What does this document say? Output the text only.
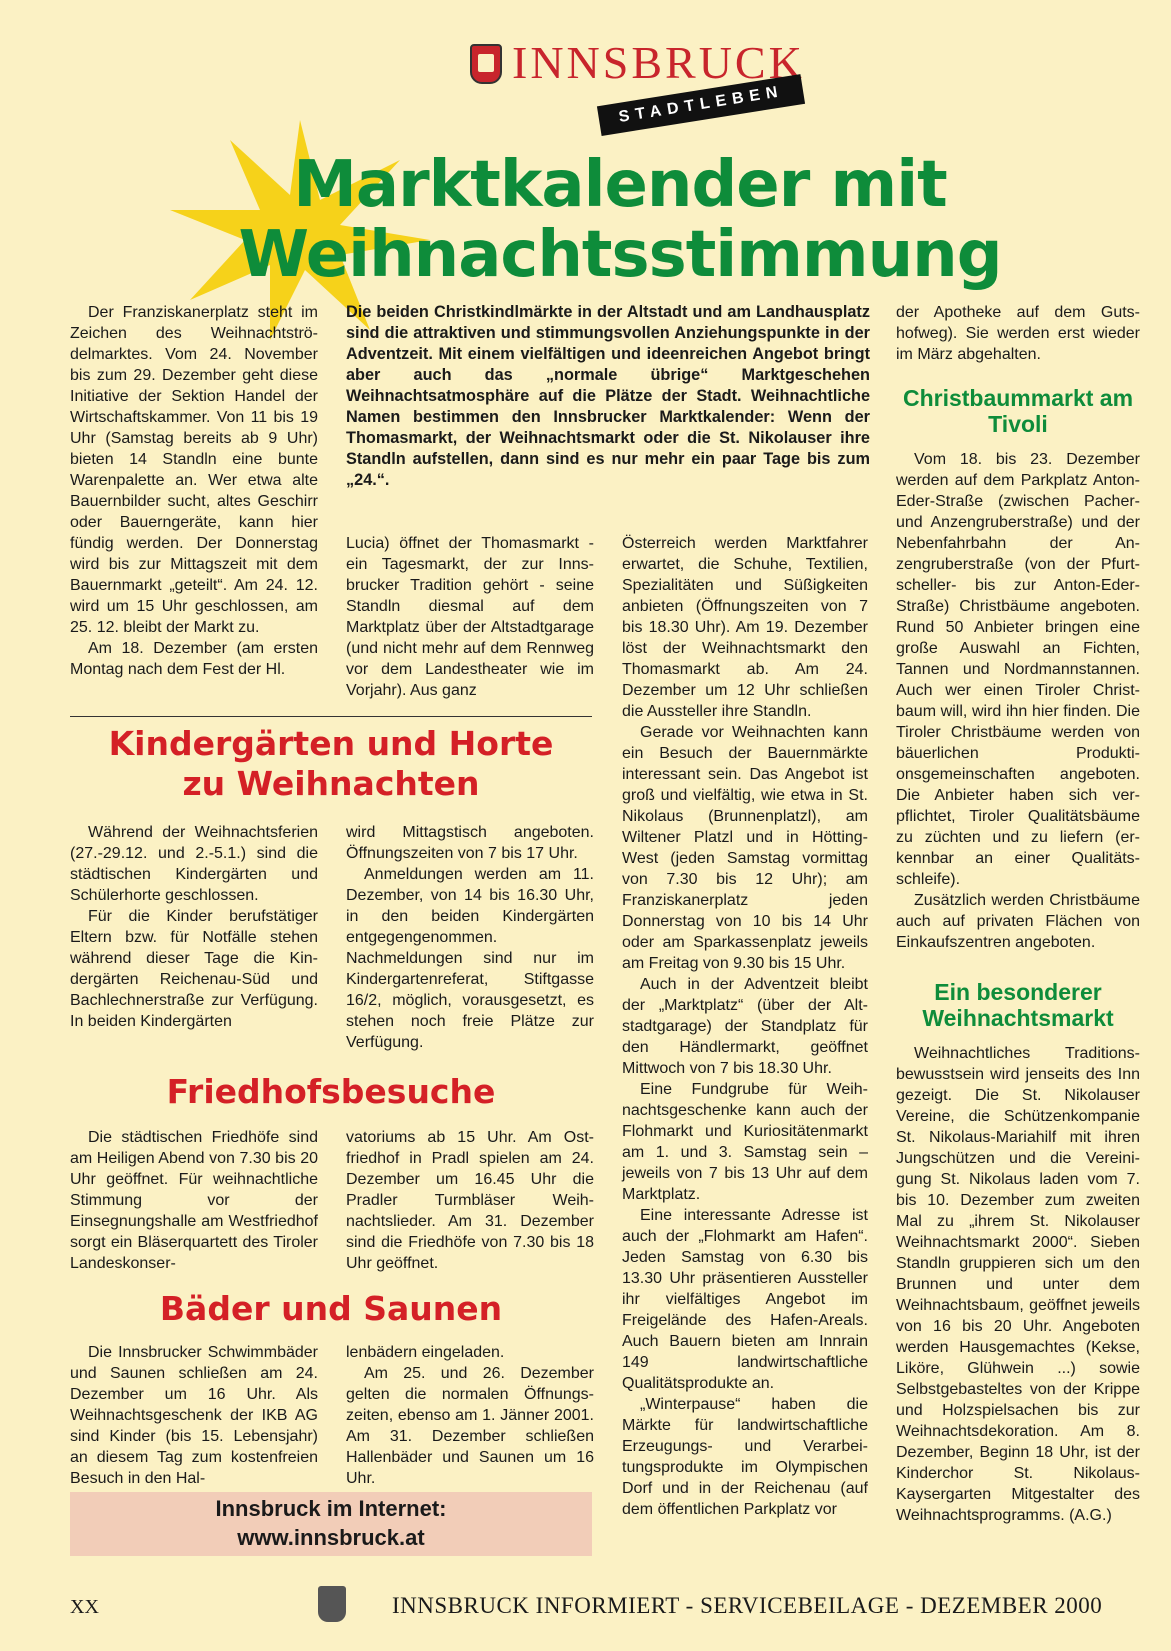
INNSBRUCK
STADTLEBEN
Marktkalender mit
Weihnachtsstimmung

Der Franziskanerplatz steht im Zeichen des Weihnachtströdelmarktes. Vom 24. November bis zum 29. Dezember geht diese Initiative der Sektion Handel der Wirtschaftskammer. Von 11 bis 19 Uhr (Samstag bereits ab 9 Uhr) bieten 14 Standln eine bunte Warenpalette an. Wer etwa alte Bauernbilder sucht, altes Geschirr oder Bauerngeräte, kann hier fündig werden. Der Donnerstag wird bis zur Mittagszeit mit dem Bauernmarkt „geteilt“. Am 24. 12. wird um 15 Uhr geschlossen, am 25. 12. bleibt der Markt zu.

Am 18. Dezember (am ersten Montag nach dem Fest der Hl.

Die beiden Christkindlmärkte in der Altstadt und am Landhausplatz sind die attraktiven und stimmungsvollen Anziehungspunkte in der Adventzeit. Mit einem vielfältigen und ideenreichen Angebot bringt aber auch das „normale übrige“ Marktgeschehen Weihnachtsatmosphäre auf die Plätze der Stadt. Weihnachtliche Namen bestimmen den Innsbrucker Marktkalender: Wenn der Thomasmarkt, der Weihnachtsmarkt oder die St. Nikolauser ihre Standln aufstellen, dann sind es nur mehr ein paar Tage bis zum „24.“.

Lucia) öffnet der Thomasmarkt - ein Tagesmarkt, der zur Innsbrucker Tradition gehört - seine Standln diesmal auf dem Marktplatz über der Altstadtgarage (und nicht mehr auf dem Rennweg vor dem Landestheater wie im Vorjahr). Aus ganz

Österreich werden Marktfahrer erwartet, die Schuhe, Textilien, Spezialitäten und Süßigkeiten anbieten (Öffnungszeiten von 7 bis 18.30 Uhr). Am 19. Dezember löst der Weihnachtsmarkt den Thomasmarkt ab. Am 24. Dezember um 12 Uhr schließen die Aussteller ihre Standln.

Gerade vor Weihnachten kann ein Besuch der Bauernmärkte interessant sein. Das Angebot ist groß und vielfältig, wie etwa in St. Nikolaus (Brunnenplatzl), am Wiltener Platzl und in Hötting-West (jeden Samstag vormittag von 7.30 bis 12 Uhr); am Franziskanerplatz jeden Donnerstag von 10 bis 14 Uhr oder am Sparkassenplatz jeweils am Freitag von 9.30 bis 15 Uhr.

Auch in der Adventzeit bleibt der „Marktplatz“ (über der Altstadtgarage) der Standplatz für den Händlermarkt, geöffnet Mittwoch von 7 bis 18.30 Uhr.

Eine Fundgrube für Weihnachtsgeschenke kann auch der Flohmarkt und Kuriositätenmarkt am 1. und 3. Samstag sein – jeweils von 7 bis 13 Uhr auf dem Marktplatz.

Eine interessante Adresse ist auch der „Flohmarkt am Hafen“. Jeden Samstag von 6.30 bis 13.30 Uhr präsentieren Aussteller ihr vielfältiges Angebot im Freigelände des Hafen-Areals. Auch Bauern bieten am Innrain 149 landwirtschaftliche Qualitätsprodukte an.

„Winterpause“ haben die Märkte für landwirtschaftliche Erzeugungs- und Verarbeitungsprodukte im Olympischen Dorf und in der Reichenau (auf dem öffentlichen Parkplatz vor

der Apotheke auf dem Gutshofweg). Sie werden erst wieder im März abgehalten.

Christbaummarkt am Tivoli

Vom 18. bis 23. Dezember werden auf dem Parkplatz Anton-Eder-Straße (zwischen Pacher- und Anzengruberstraße) und der Nebenfahrbahn der Anzengruberstraße (von der Pfurtscheller- bis zur Anton-Eder-Straße) Christbäume angeboten. Rund 50 Anbieter bringen eine große Auswahl an Fichten, Tannen und Nordmannstannen. Auch wer einen Tiroler Christbaum will, wird ihn hier finden. Die Tiroler Christbäume werden von bäuerlichen Produktionsgemeinschaften angeboten. Die Anbieter haben sich verpflichtet, Tiroler Qualitätsbäume zu züchten und zu liefern (erkennbar an einer Qualitätsschleife).

Zusätzlich werden Christbäume auch auf privaten Flächen von Einkaufszentren angeboten.

Ein besonderer Weihnachtsmarkt

Weihnachtliches Traditionsbewusstsein wird jenseits des Inn gezeigt. Die St. Nikolauser Vereine, die Schützenkompanie St. Nikolaus-Mariahilf mit ihren Jungschützen und die Vereinigung St. Nikolaus laden vom 7. bis 10. Dezember zum zweiten Mal zu „ihrem St. Nikolauser Weihnachtsmarkt 2000“. Sieben Standln gruppieren sich um den Brunnen und unter dem Weihnachtsbaum, geöffnet jeweils von 16 bis 20 Uhr. Angeboten werden Hausgemachtes (Kekse, Liköre, Glühwein ...) sowie Selbstgebasteltes von der Krippe und Holzspielsachen bis zur Weihnachtsdekoration. Am 8. Dezember, Beginn 18 Uhr, ist der Kinderchor St. Nikolaus-Kaysergarten Mitgestalter des Weihnachtsprogramms. (A.G.)

Kindergärten und Horte
zu Weihnachten

Während der Weihnachtsferien (27.-29.12. und 2.-5.1.) sind die städtischen Kindergärten und Schülerhorte geschlossen.

Für die Kinder berufstätiger Eltern bzw. für Notfälle stehen während dieser Tage die Kindergärten Reichenau-Süd und Bachlechnerstraße zur Verfügung. In beiden Kindergärten

wird Mittagstisch angeboten. Öffnungszeiten von 7 bis 17 Uhr.

Anmeldungen werden am 11. Dezember, von 14 bis 16.30 Uhr, in den beiden Kindergärten entgegengenommen. Nachmeldungen sind nur im Kindergartenreferat, Stiftgasse 16/2, möglich, vorausgesetzt, es stehen noch freie Plätze zur Verfügung.

Friedhofsbesuche

Die städtischen Friedhöfe sind am Heiligen Abend von 7.30 bis 20 Uhr geöffnet. Für weihnachtliche Stimmung vor der Einsegnungshalle am Westfriedhof sorgt ein Bläserquartett des Tiroler Landeskonser-

vatoriums ab 15 Uhr. Am Ostfriedhof in Pradl spielen am 24. Dezember um 16.45 Uhr die Pradler Turmbläser Weihnachtslieder. Am 31. Dezember sind die Friedhöfe von 7.30 bis 18 Uhr geöffnet.

Bäder und Saunen

Die Innsbrucker Schwimmbäder und Saunen schließen am 24. Dezember um 16 Uhr. Als Weihnachtsgeschenk der IKB AG sind Kinder (bis 15. Lebensjahr) an diesem Tag zum kostenfreien Besuch in den Hal-

lenbädern eingeladen.

Am 25. und 26. Dezember gelten die normalen Öffnungszeiten, ebenso am 1. Jänner 2001. Am 31. Dezember schließen Hallenbäder und Saunen um 16 Uhr.

Innsbruck im Internet:
www.innsbruck.at
XX	INNSBRUCK INFORMIERT - SERVICEBEILAGE - DEZEMBER 2000
